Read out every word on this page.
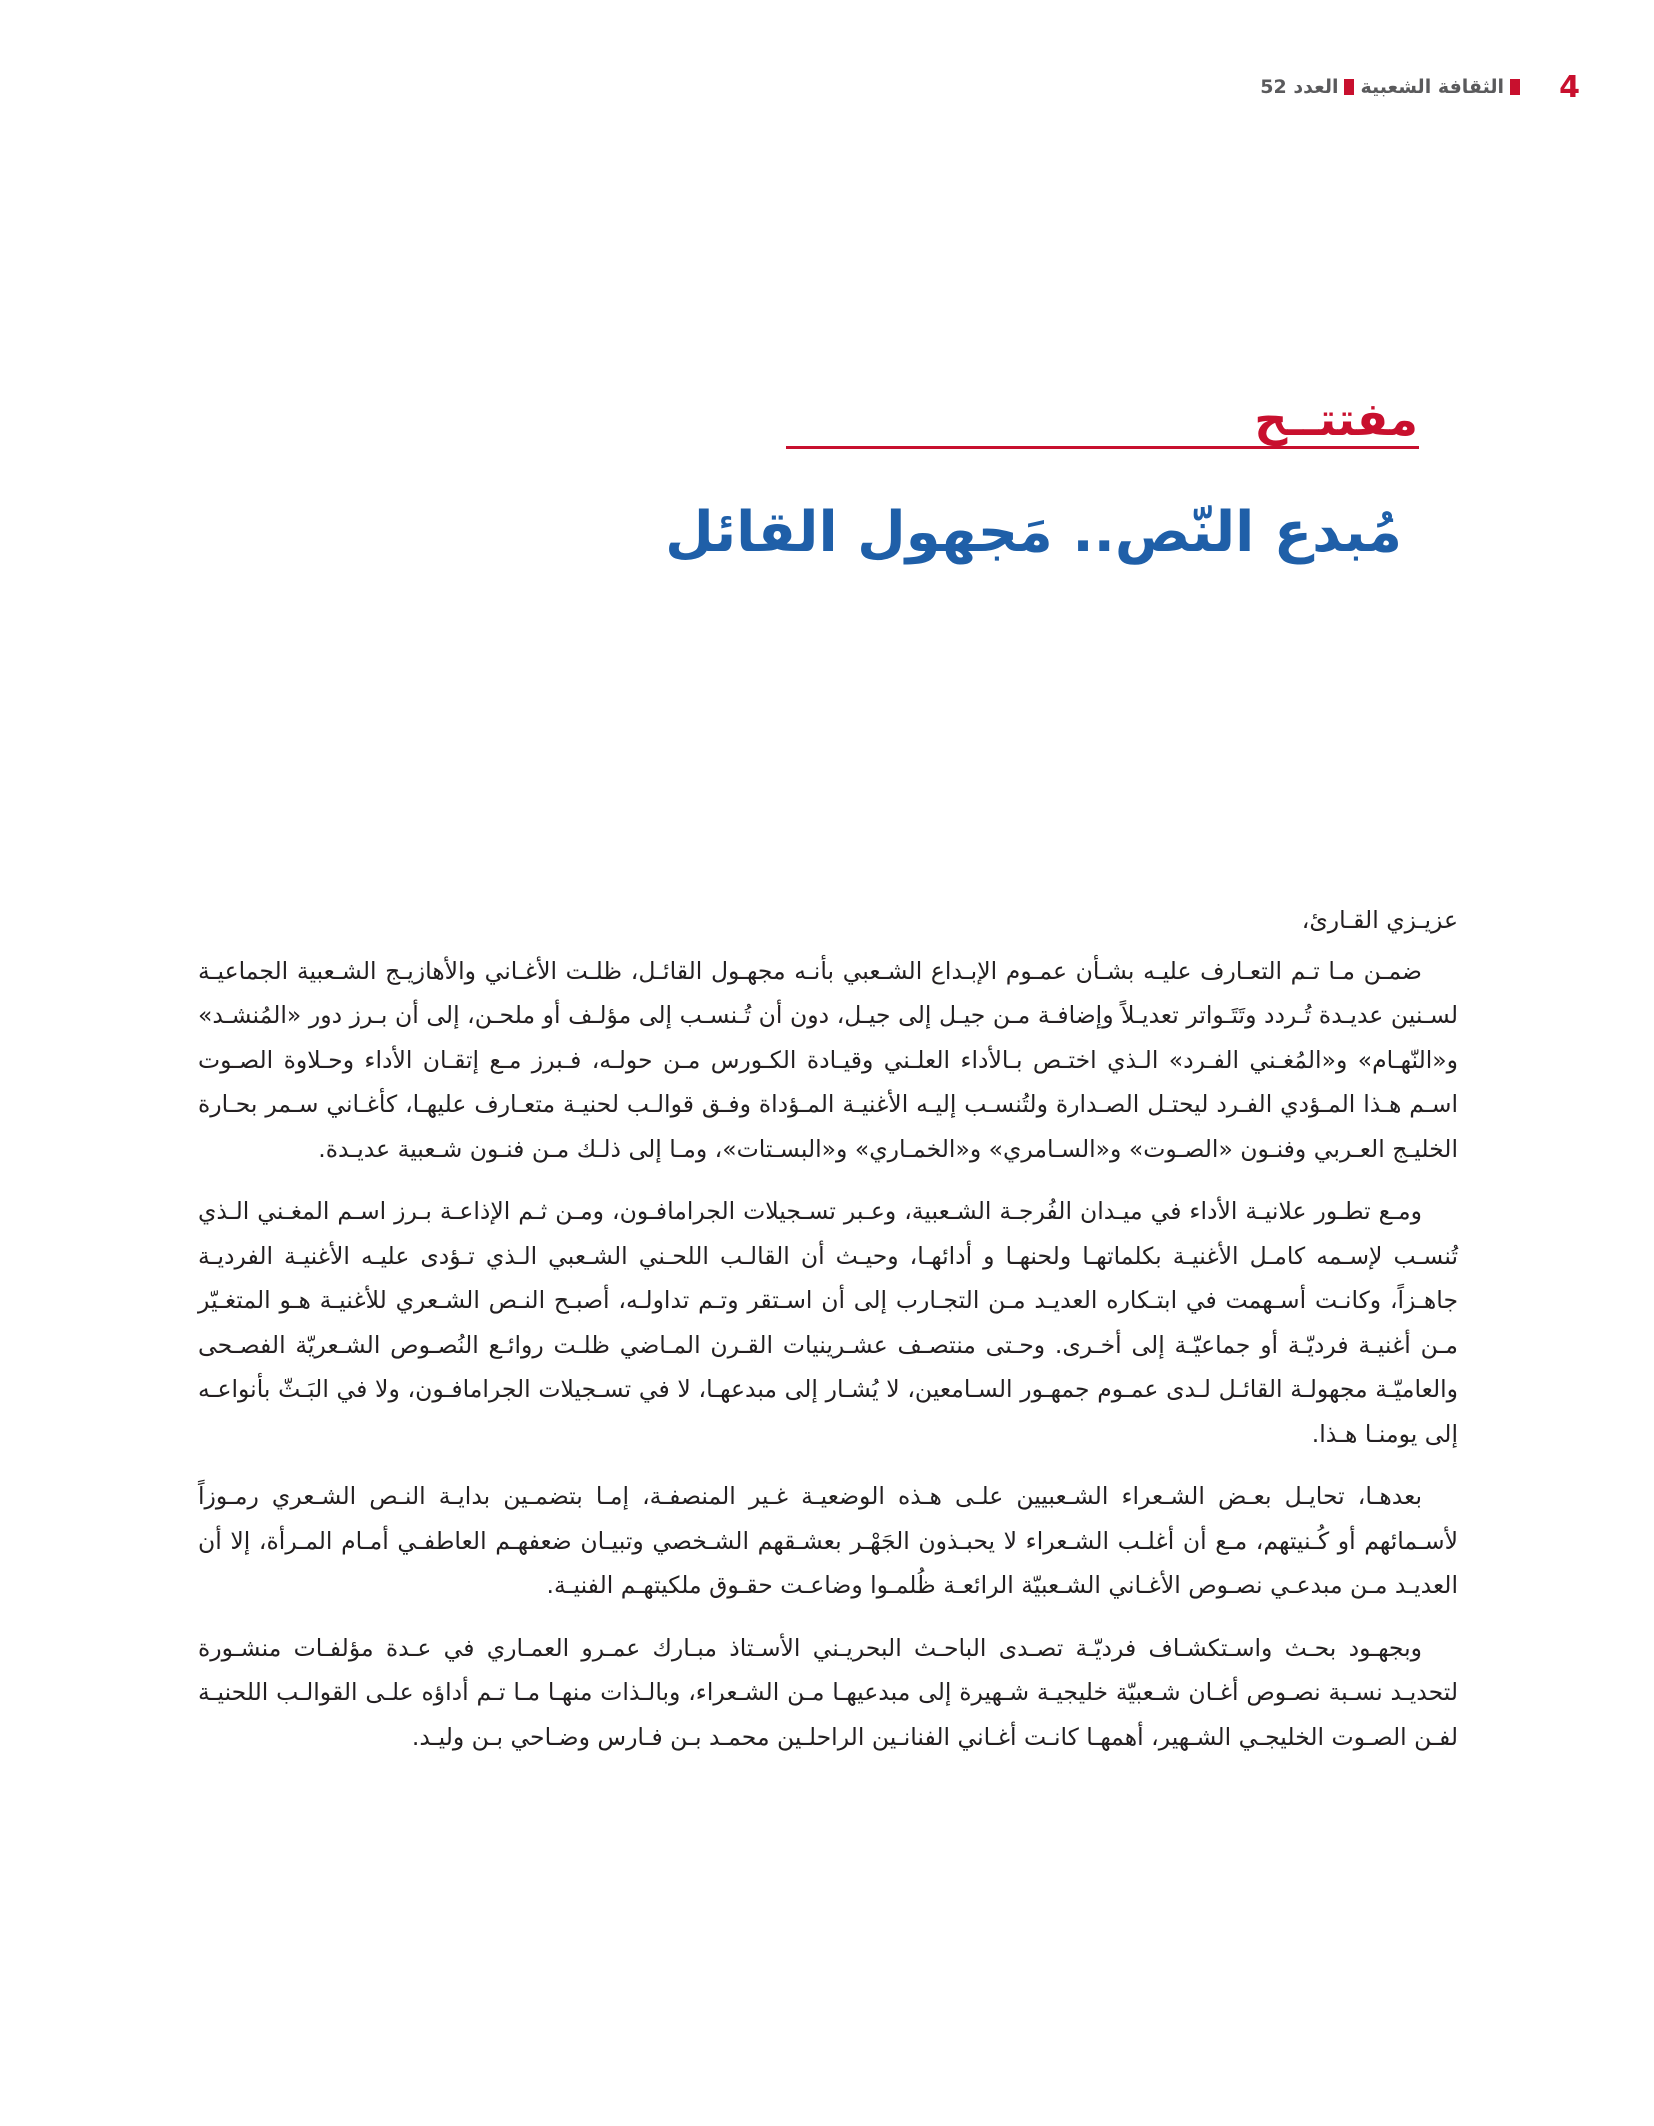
4
الثقافة الشعبية
العدد 52
مفتتــح
مُبدع النّص.. مَجهول القائل

عزيـزي القـارئ،

ضمـن مـا تـم التعـارف عليـه بشـأن عمـوم الإبـداع الشـعبي بأنـه مجهـول القائـل، ظلـت الأغـاني والأهازيـج الشـعبية الجماعيـة لسـنين عديـدة تُـردد وتَتَـواتر تعديـلاً وإضافـة مـن جيـل إلى جيـل، دون أن تُـنسـب إلى مؤلـف أو ملحـن، إلى أن بـرز دور «المُنشـد» و«النّهـام» و«المُغـني الفـرد» الـذي اختـص بـالأداء العلـني وقيـادة الكـورس مـن حولـه، فـبرز مـع إتقـان الأداء وحـلاوة الصـوت اسـم هـذا المـؤدي الفـرد ليحتـل الصـدارة ولتُنسـب إليـه الأغنيـة المـؤداة وفـق قوالـب لحنيـة متعـارف عليهـا، كأغـاني سـمر بحـارة الخليـج العـربي وفنـون «الصـوت» و«السـامري» و«الخمـاري» و«البسـتات»، ومـا إلى ذلـك مـن فنـون شـعبية عديـدة.

ومـع تطـور علانيـة الأداء في ميـدان الفُرجـة الشـعبية، وعـبر تسـجيلات الجرامافـون، ومـن ثـم الإذاعـة بـرز اسـم المغـني الـذي تُنسـب لإسـمه كامـل الأغنيـة بكلماتهـا ولحنهـا و أدائهـا، وحيـث أن القالـب اللحـني الشـعبي الـذي تـؤدى عليـه الأغنيـة الفرديـة جاهـزاً، وكانـت أسـهمت في ابتـكاره العديـد مـن التجـارب إلى أن اسـتقر وتـم تداولـه، أصبـح النـص الشـعري للأغنيـة هـو المتغـيّر مـن أغنيـة فرديّـة أو جماعيّـة إلى أخـرى. وحـتى منتصـف عشـرينيات القـرن المـاضي ظلـت روائـع النُصـوص الشـعريّة الفصـحى والعاميّـة مجهولـة القائـل لـدى عمـوم جمهـور السـامعين، لا يُشـار إلى مبدعهـا، لا في تسـجيلات الجرامافـون، ولا في البَـثّ بأنواعـه إلى يومنـا هـذا.

بعدهـا، تحايـل بعـض الشـعراء الشـعبيين علـى هـذه الوضعيـة غـير المنصفـة، إمـا بتضمـين بدايـة النـص الشـعري رمـوزاً لأسـمائهم أو كُـنيتهم، مـع أن أغلـب الشـعراء لا يحبـذون الجَهْـر بعشـقهم الشـخصي وتبيـان ضعفهـم العاطفـي أمـام المـرأة، إلا أن العديـد مـن مبدعـي نصـوص الأغـاني الشـعبيّة الرائعـة ظُلمـوا وضاعـت حقـوق ملكيتهـم الفنيـة.

وبجهـود بحـث واسـتكشـاف فرديّـة تصـدى الباحـث البحريـني الأسـتاذ مبـارك عمـرو العمـاري في عـدة مؤلفـات منشـورة لتحديـد نسـبة نصـوص أغـان شـعبيّة خليجيـة شـهيرة إلى مبدعيهـا مـن الشـعراء، وبالـذات منهـا مـا تـم أداؤه علـى القوالـب اللحنيـة لفـن الصـوت الخليجـي الشـهير، أهمهـا كانـت أغـاني الفنانـين الراحلـين محمـد بـن فـارس وضـاحي بـن وليـد.
